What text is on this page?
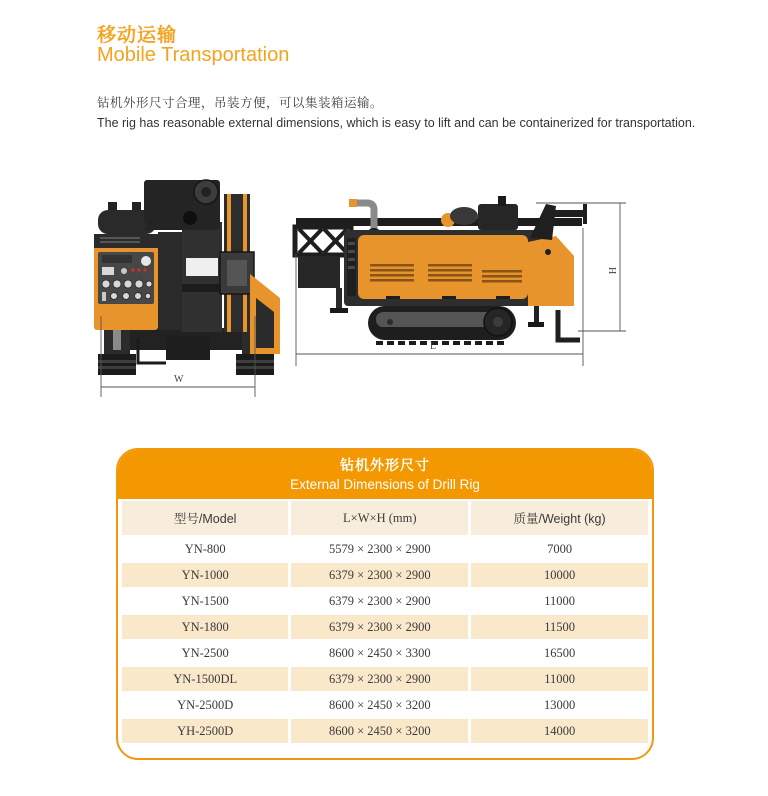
移动运输
Mobile Transportation
钻机外形尺寸合理，吊装方便，可以集装箱运输。
The rig has reasonable external dimensions, which is easy to lift and can be containerized for transportation.
W
L
H
钻机外形尺寸
External Dimensions of Drill Rig
型号/Model	L×W×H (mm)	质量/Weight (kg)
YN-800	5579 × 2300 × 2900	7000
YN-1000	6379 × 2300 × 2900	10000
YN-1500	6379 × 2300 × 2900	11000
YN-1800	6379 × 2300 × 2900	11500
YN-2500	8600 × 2450 × 3300	16500
YN-1500DL	6379 × 2300 × 2900	11000
YN-2500D	8600 × 2450 × 3200	13000
YH-2500D	8600 × 2450 × 3200	14000
